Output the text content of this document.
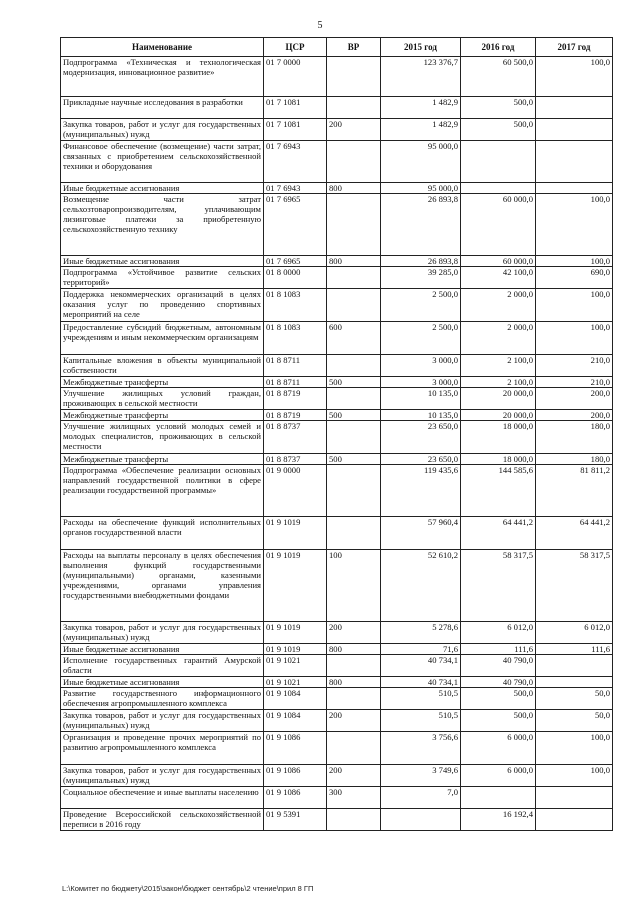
5
Наименование	ЦСР	ВР	2015 год	2016 год	2017 год
Подпрограмма «Техническая и технологическая модернизация, инновационное развитие»	01 7 0000		123 376,7	60 500,0	100,0
Прикладные научные исследования в разработки	01 7 1081		1 482,9	500,0	
Закупка товаров, работ и услуг для государственных (муниципальных) нужд	01 7 1081	200	1 482,9	500,0	
Финансовое обеспечение (возмещение) части затрат, связанных с приобретением сельскохозяйственной техники и оборудования	01 7 6943		95 000,0		
Иные бюджетные ассигнования	01 7 6943	800	95 000,0		
Возмещение части затрат сельхозтоваропроизводителям, уплачивающим лизинговые платежи за приобретенную сельскохозяйственную технику	01 7 6965		26 893,8	60 000,0	100,0
Иные бюджетные ассигнования	01 7 6965	800	26 893,8	60 000,0	100,0
Подпрограмма «Устойчивое развитие сельских территорий»	01 8 0000		39 285,0	42 100,0	690,0
Поддержка некоммерческих организаций в целях оказания услуг по проведению спортивных мероприятий на селе	01 8 1083		2 500,0	2 000,0	100,0
Предоставление субсидий бюджетным, автономным учреждениям и иным некоммерческим организациям	01 8 1083	600	2 500,0	2 000,0	100,0
Капитальные вложения в объекты муниципальной собственности	01 8 8711		3 000,0	2 100,0	210,0
Межбюджетные трансферты	01 8 8711	500	3 000,0	2 100,0	210,0
Улучшение жилищных условий граждан, проживающих в сельской местности	01 8 8719		10 135,0	20 000,0	200,0
Межбюджетные трансферты	01 8 8719	500	10 135,0	20 000,0	200,0
Улучшение жилищных условий молодых семей и молодых специалистов, проживающих в сельской местности	01 8 8737		23 650,0	18 000,0	180,0
Межбюджетные трансферты	01 8 8737	500	23 650,0	18 000,0	180,0
Подпрограмма «Обеспечение реализации основных направлений государственной политики в сфере реализации государственной программы»	01 9 0000		119 435,6	144 585,6	81 811,2
Расходы на обеспечение функций исполнительных органов государственной власти	01 9 1019		57 960,4	64 441,2	64 441,2
Расходы на выплаты персоналу в целях обеспечения выполнения функций государственными (муниципальными) органами, казенными учреждениями, органами управления государственными внебюджетными фондами	01 9 1019	100	52 610,2	58 317,5	58 317,5
Закупка товаров, работ и услуг для государственных (муниципальных) нужд	01 9 1019	200	5 278,6	6 012,0	6 012,0
Иные бюджетные ассигнования	01 9 1019	800	71,6	111,6	111,6
Исполнение государственных гарантий Амурской области	01 9 1021		40 734,1	40 790,0	
Иные бюджетные ассигнования	01 9 1021	800	40 734,1	40 790,0	
Развитие государственного информационного обеспечения агропромышленного комплекса	01 9 1084		510,5	500,0	50,0
Закупка товаров, работ и услуг для государственных (муниципальных) нужд	01 9 1084	200	510,5	500,0	50,0
Организация и проведение прочих мероприятий по развитию агропромышленного комплекса	01 9 1086		3 756,6	6 000,0	100,0
Закупка товаров, работ и услуг для государственных (муниципальных) нужд	01 9 1086	200	3 749,6	6 000,0	100,0
Социальное обеспечение и иные выплаты населению	01 9 1086	300	7,0		
Проведение Всероссийской сельскохозяйственной переписи в 2016 году	01 9 5391			16 192,4	
L:\Комитет по бюджету\2015\закон\бюджет сентябрь\2 чтение\прил 8 ГП
